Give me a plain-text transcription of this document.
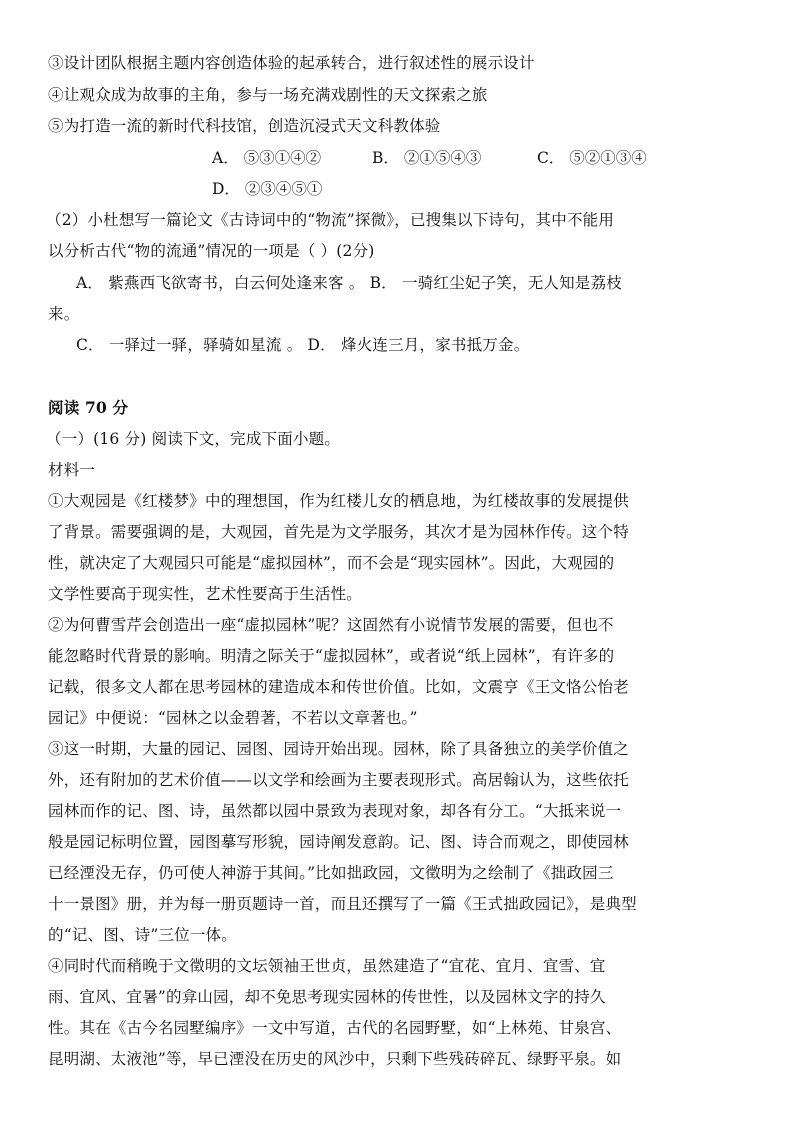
③设计团队根据主题内容创造体验的起承转合，进行叙述性的展示设计
④让观众成为故事的主角，参与一场充满戏剧性的天文探索之旅
⑤为打造一流的新时代科技馆，创造沉浸式天文科教体验
A． ⑤③①④②	B． ②①⑤④③	C． ⑤②①③④
D． ②③④⑤①
（2）小杜想写一篇论文《古诗词中的“物流”探微》，已搜集以下诗句，其中不能用
以分析古代“物的流通”情况的一项是（ ）(2分)
A． 紫燕西飞欲寄书，白云何处逢来客 。 B． 一骑红尘妃子笑，无人知是荔枝
来。
C． 一驿过一驿，驿骑如星流 。 D． 烽火连三月，家书抵万金。
阅读 70 分
（一）(16 分) 阅读下文，完成下面小题。
材料一
①大观园是《红楼梦》中的理想国，作为红楼儿女的栖息地，为红楼故事的发展提供
了背景。需要强调的是，大观园，首先是为文学服务，其次才是为园林作传。这个特
性，就决定了大观园只可能是“虚拟园林”，而不会是“现实园林”。因此，大观园的
文学性要高于现实性，艺术性要高于生活性。
②为何曹雪芹会创造出一座“虚拟园林”呢？这固然有小说情节发展的需要，但也不
能忽略时代背景的影响。明清之际关于“虚拟园林”，或者说“纸上园林”，有许多的
记载，很多文人都在思考园林的建造成本和传世价值。比如，文震亨《王文恪公怡老
园记》中便说：“园林之以金碧著，不若以文章著也。”
③这一时期，大量的园记、园图、园诗开始出现。园林，除了具备独立的美学价值之
外，还有附加的艺术价值——以文学和绘画为主要表现形式。高居翰认为，这些依托
园林而作的记、图、诗，虽然都以园中景致为表现对象，却各有分工。“大抵来说一
般是园记标明位置，园图摹写形貌，园诗阐发意韵。记、图、诗合而观之，即使园林
已经湮没无存，仍可使人神游于其间。”比如拙政园，文徵明为之绘制了《拙政园三
十一景图》册，并为每一册页题诗一首，而且还撰写了一篇《王式拙政园记》，是典型
的“记、图、诗”三位一体。
④同时代而稍晚于文徵明的文坛领袖王世贞，虽然建造了“宜花、宜月、宜雪、宜
雨、宜风、宜暑”的弇山园，却不免思考现实园林的传世性，以及园林文字的持久
性。其在《古今名园墅编序》一文中写道，古代的名园野墅，如“上林苑、甘泉宫、
昆明湖、太液池”等，早已湮没在历史的风沙中，只剩下些残砖碎瓦、绿野平泉。如
